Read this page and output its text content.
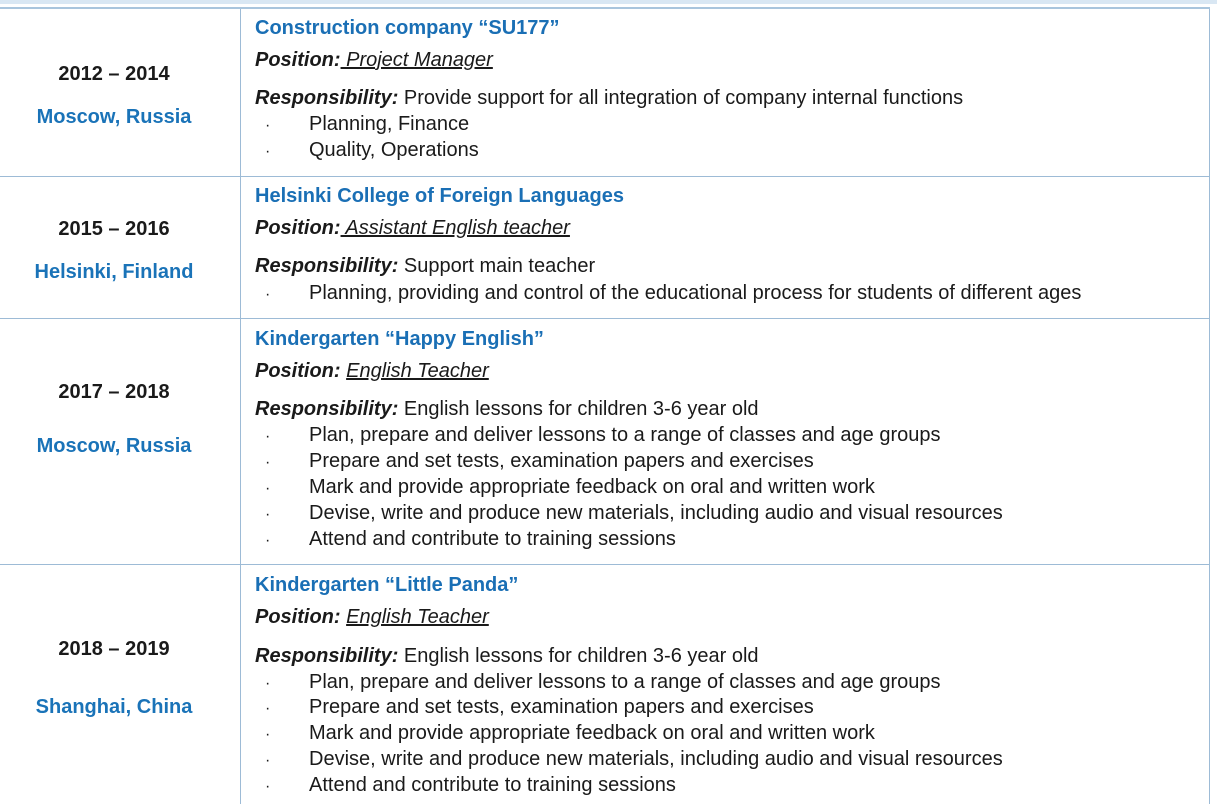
2012 – 2014
Moscow, Russia
Construction company “SU177”
Position: Project Manager
Responsibility: Provide support for all integration of company internal functions
· Planning, Finance
· Quality, Operations
2015 – 2016
Helsinki, Finland
Helsinki College of Foreign Languages
Position: Assistant English teacher
Responsibility: Support main teacher
· Planning, providing and control of the educational process for students of different ages
2017 – 2018
Moscow, Russia
Kindergarten “Happy English”
Position: English Teacher
Responsibility: English lessons for children 3-6 year old
· Plan, prepare and deliver lessons to a range of classes and age groups
· Prepare and set tests, examination papers and exercises
· Mark and provide appropriate feedback on oral and written work
· Devise, write and produce new materials, including audio and visual resources
· Attend and contribute to training sessions
2018 – 2019
Shanghai, China
Kindergarten “Little Panda”
Position: English Teacher
Responsibility: English lessons for children 3-6 year old
· Plan, prepare and deliver lessons to a range of classes and age groups
· Prepare and set tests, examination papers and exercises
· Mark and provide appropriate feedback on oral and written work
· Devise, write and produce new materials, including audio and visual resources
· Attend and contribute to training sessions
